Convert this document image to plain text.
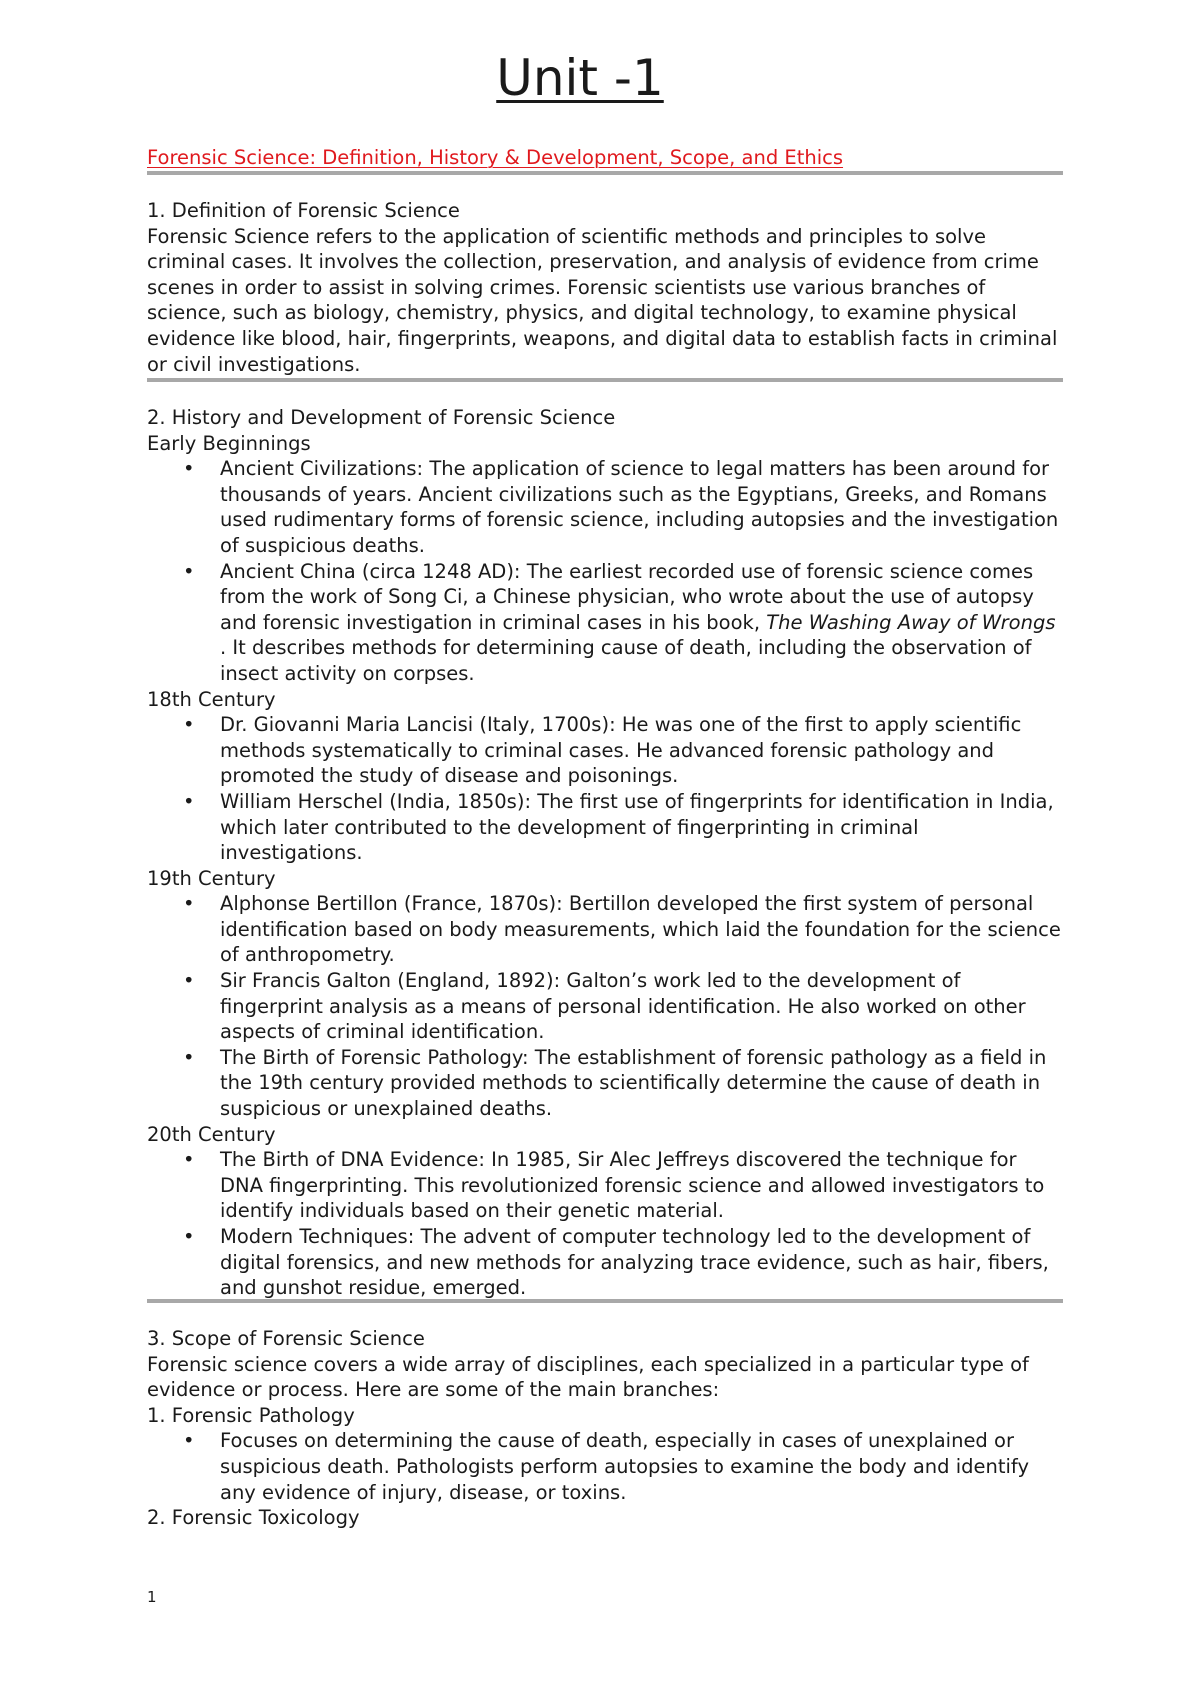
Unit -1
Forensic Science: Definition, History & Development, Scope, and Ethics

1. Definition of Forensic Science

Forensic Science refers to the application of scientific methods and principles to solve criminal cases. It involves the collection, preservation, and analysis of evidence from crime scenes in order to assist in solving crimes. Forensic scientists use various branches of science, such as biology, chemistry, physics, and digital technology, to examine physical evidence like blood, hair, fingerprints, weapons, and digital data to establish facts in criminal or civil investigations.

2. History and Development of Forensic Science

Early Beginnings

• Ancient Civilizations: The application of science to legal matters has been around for thousands of years. Ancient civilizations such as the Egyptians, Greeks, and Romans used rudimentary forms of forensic science, including autopsies and the investigation of suspicious deaths.
• Ancient China (circa 1248 AD): The earliest recorded use of forensic science comes from the work of Song Ci, a Chinese physician, who wrote about the use of autopsy and forensic investigation in criminal cases in his book, The Washing Away of Wrongs . It describes methods for determining cause of death, including the observation of insect activity on corpses.

18th Century

• Dr. Giovanni Maria Lancisi (Italy, 1700s): He was one of the first to apply scientific methods systematically to criminal cases. He advanced forensic pathology and promoted the study of disease and poisonings.
• William Herschel (India, 1850s): The first use of fingerprints for identification in India, which later contributed to the development of fingerprinting in criminal investigations.

19th Century

• Alphonse Bertillon (France, 1870s): Bertillon developed the first system of personal identification based on body measurements, which laid the foundation for the science of anthropometry.
• Sir Francis Galton (England, 1892): Galton’s work led to the development of fingerprint analysis as a means of personal identification. He also worked on other aspects of criminal identification.
• The Birth of Forensic Pathology: The establishment of forensic pathology as a field in the 19th century provided methods to scientifically determine the cause of death in suspicious or unexplained deaths.

20th Century

• The Birth of DNA Evidence: In 1985, Sir Alec Jeffreys discovered the technique for DNA fingerprinting. This revolutionized forensic science and allowed investigators to identify individuals based on their genetic material.
• Modern Techniques: The advent of computer technology led to the development of digital forensics, and new methods for analyzing trace evidence, such as hair, fibers, and gunshot residue, emerged.

3. Scope of Forensic Science

Forensic science covers a wide array of disciplines, each specialized in a particular type of evidence or process. Here are some of the main branches:

1. Forensic Pathology

• Focuses on determining the cause of death, especially in cases of unexplained or suspicious death. Pathologists perform autopsies to examine the body and identify any evidence of injury, disease, or toxins.

2. Forensic Toxicology

1
